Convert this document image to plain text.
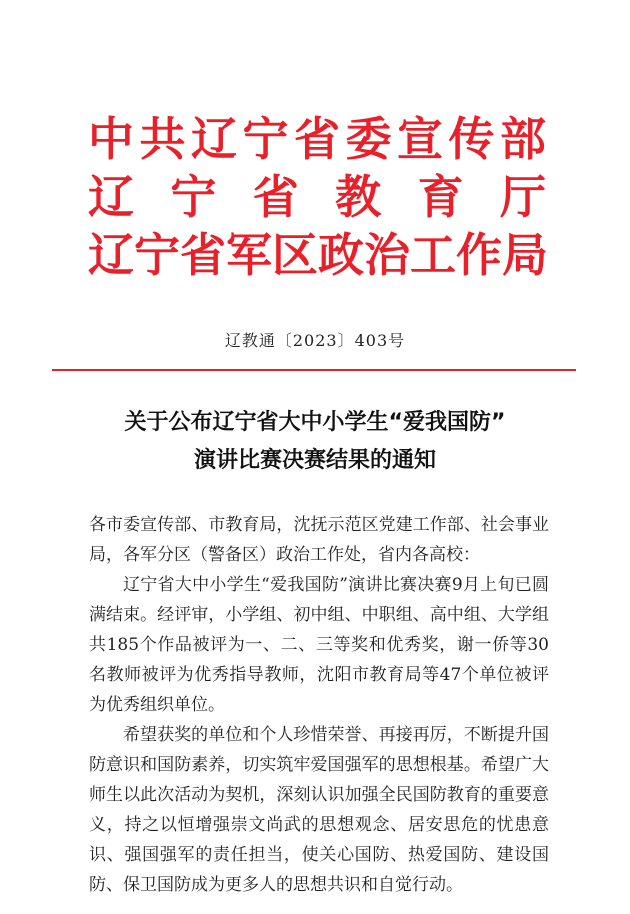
中 共 辽 宁 省 委 宣 传 部
辽 宁 省 教 育 厅
辽 宁 省 军 区 政 治 工 作 局
辽教通〔2023〕403号
关于公布辽宁省大中小学生“爱我国防”
演讲比赛决赛结果的通知

各市委宣传部、市教育局，沈抚示范区党建工作部、社会事业局，各军分区（警备区）政治工作处，省内各高校：

辽宁省大中小学生“爱我国防”演讲比赛决赛9月上旬已圆满结束。经评审，小学组、初中组、中职组、高中组、大学组共185个作品被评为一、二、三等奖和优秀奖，谢一侨等30名教师被评为优秀指导教师，沈阳市教育局等47个单位被评为优秀组织单位。

希望获奖的单位和个人珍惜荣誉、再接再厉，不断提升国防意识和国防素养，切实筑牢爱国强军的思想根基。希望广大师生以此次活动为契机，深刻认识加强全民国防教育的重要意义，持之以恒增强崇文尚武的思想观念、居安思危的忧患意识、强国强军的责任担当，使关心国防、热爱国防、建设国防、保卫国防成为更多人的思想共识和自觉行动。
